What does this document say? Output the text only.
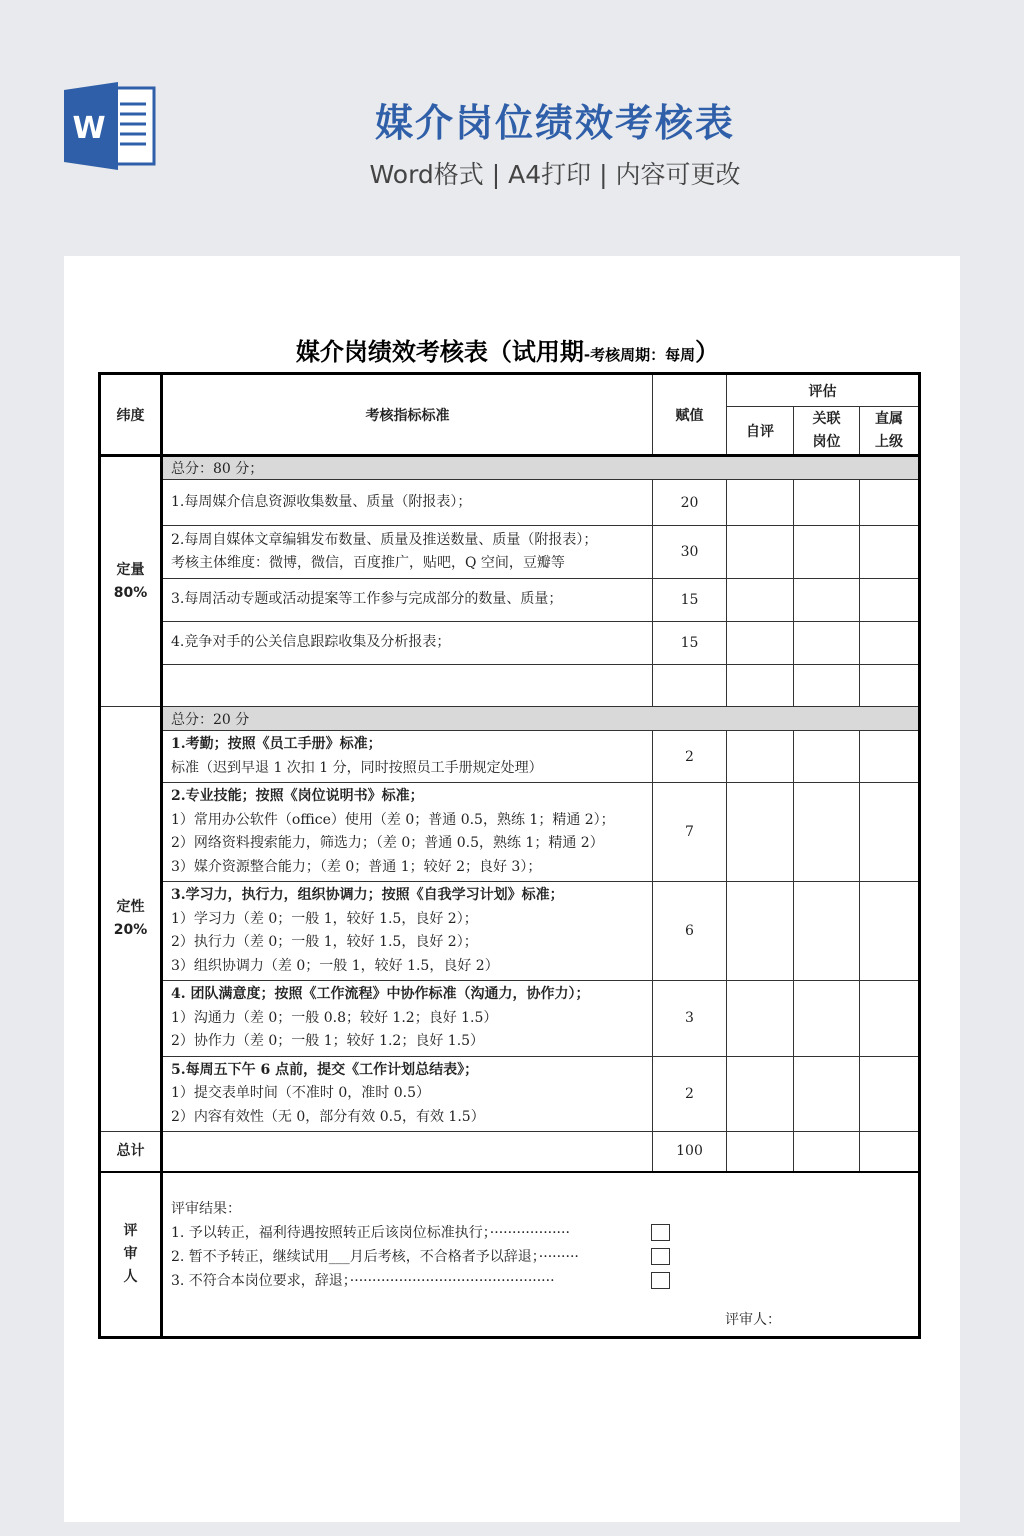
W	媒介岗位绩效考核表
Word格式 | A4打印 | 内容可更改
媒介岗绩效考核表（试用期-考核周期：每周）
纬度	考核指标标准	赋值	评估		
			自评	关联岗位	直属上级

定量
80%	总分：80 分；				

	1.每周媒介信息资源收集数量、质量（附报表）；	20			

	2.每周自媒体文章编辑发布数量、质量及推送数量、质量（附报表）；
考核主体维度：微博，微信，百度推广，贴吧，Q 空间，豆瓣等	30			

	3.每周活动专题或活动提案等工作参与完成部分的数量、质量；	15			

	4.竞争对手的公关信息跟踪收集及分析报表；	15			

定性
20%	总分：20 分				

	1.考勤；按照《员工手册》标准；
标准（迟到早退 1 次扣 1 分，同时按照员工手册规定处理）	2			

	2.专业技能；按照《岗位说明书》标准；
1）常用办公软件（office）使用（差 0；普通 0.5，熟练 1；精通 2）；
2）网络资料搜索能力，筛选力；（差 0；普通 0.5，熟练 1；精通 2）
3）媒介资源整合能力；（差 0；普通 1；较好 2；良好 3）；	7			

	3.学习力，执行力，组织协调力；按照《自我学习计划》标准；
1）学习力（差 0；一般 1，较好 1.5，良好 2）；
2）执行力（差 0；一般 1，较好 1.5，良好 2）；
3）组织协调力（差 0；一般 1，较好 1.5，良好 2）	6			

	4. 团队满意度；按照《工作流程》中协作标准（沟通力，协作力）；
1）沟通力（差 0；一般 0.8；较好 1.2；良好 1.5）
2）协作力（差 0；一般 1；较好 1.2；良好 1.5）	3			

	5.每周五下午 6 点前，提交《工作计划总结表》；
1）提交表单时间（不准时 0，准时 0.5）
2）内容有效性（无 0，部分有效 0.5，有效 1.5）	2			
总计		100			

评审人	评审结果：
1. 予以转正，福利待遇按照转正后该岗位标准执行；··················
2. 暂不予转正，继续试用___月后考核，不合格者予以辞退；·········
3. 不符合本岗位要求，辞退；··············································
评审人：				
